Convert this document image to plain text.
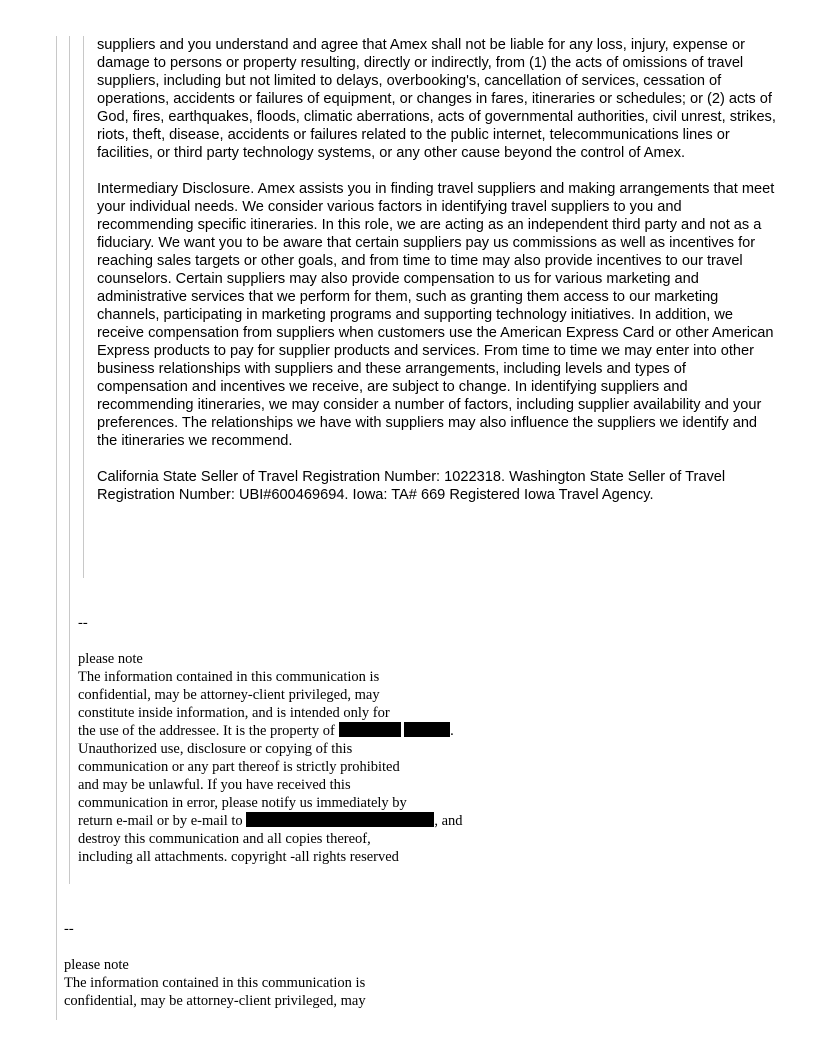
suppliers and you understand and agree that Amex shall not be liable for any loss, injury, expense or damage to persons or property resulting, directly or indirectly, from (1) the acts of omissions of travel suppliers, including but not limited to delays, overbooking's, cancellation of services, cessation of operations, accidents or failures of equipment, or changes in fares, itineraries or schedules; or (2) acts of God, fires, earthquakes, floods, climatic aberrations, acts of governmental authorities, civil unrest, strikes, riots, theft, disease, accidents or failures related to the public internet, telecommunications lines or facilities, or third party technology systems, or any other cause beyond the control of Amex.

Intermediary Disclosure. Amex assists you in finding travel suppliers and making arrangements that meet your individual needs. We consider various factors in identifying travel suppliers to you and recommending specific itineraries. In this role, we are acting as an independent third party and not as a fiduciary. We want you to be aware that certain suppliers pay us commissions as well as incentives for reaching sales targets or other goals, and from time to time may also provide incentives to our travel counselors. Certain suppliers may also provide compensation to us for various marketing and administrative services that we perform for them, such as granting them access to our marketing channels, participating in marketing programs and supporting technology initiatives. In addition, we receive compensation from suppliers when customers use the American Express Card or other American Express products to pay for supplier products and services. From time to time we may enter into other business relationships with suppliers and these arrangements, including levels and types of compensation and incentives we receive, are subject to change. In identifying suppliers and recommending itineraries, we may consider a number of factors, including supplier availability and your preferences. The relationships we have with suppliers may also influence the suppliers we identify and the itineraries we recommend.

California State Seller of Travel Registration Number: 1022318. Washington State Seller of Travel Registration Number: UBI#600469694. Iowa: TA# 669 Registered Iowa Travel Agency.

--
please note
The information contained in this communication is
confidential, may be attorney-client privileged, may
constitute inside information, and is intended only for
the use of the addressee. It is the property of	.
Unauthorized use, disclosure or copying of this
communication or any part thereof is strictly prohibited
and may be unlawful. If you have received this
communication in error, please notify us immediately by
return e-mail or by e-mail to	, and
destroy this communication and all copies thereof,
including all attachments. copyright -all rights reserved
--
please note
The information contained in this communication is
confidential, may be attorney-client privileged, may
